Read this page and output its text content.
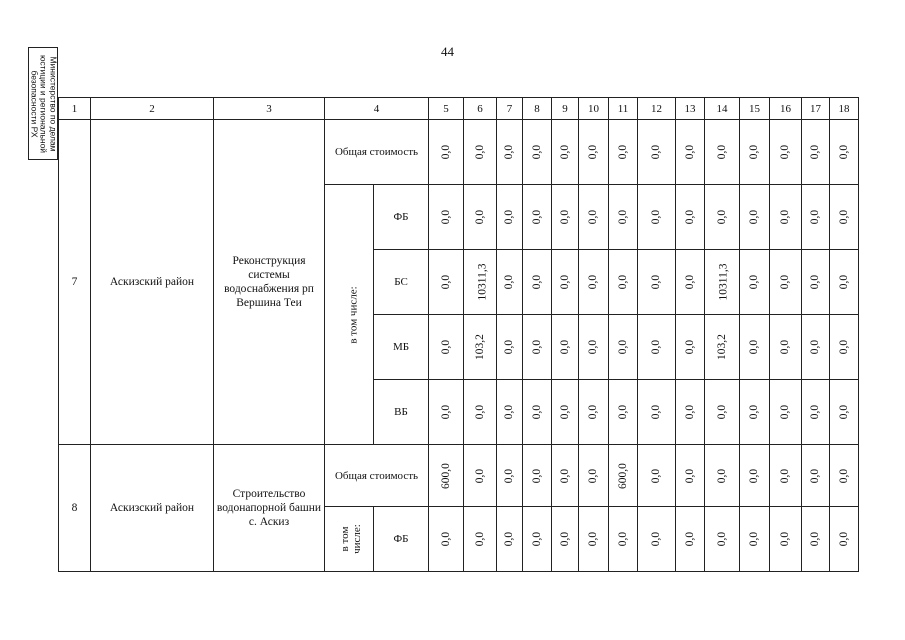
44
Министерство по делам юстиции и региональной безопасности РХ	1	2	3	4		5	6	7	8	9	10	11	12	13	14	15	16	17	18
7	Аскизский район	Реконструкция системы водоснабжения рп Вершина Теи	Общая стоимость		0,0	0,0	0,0	0,0	0,0	0,0	0,0	0,0	0,0	0,0	0,0	0,0	0,0	0,0
			в том числе:	ФБ	0,0	0,0	0,0	0,0	0,0	0,0	0,0	0,0	0,0	0,0	0,0	0,0	0,0	0,0
				БС	0,0	10311,3	0,0	0,0	0,0	0,0	0,0	0,0	0,0	10311,3	0,0	0,0	0,0	0,0
				МБ	0,0	103,2	0,0	0,0	0,0	0,0	0,0	0,0	0,0	103,2	0,0	0,0	0,0	0,0
				ВБ	0,0	0,0	0,0	0,0	0,0	0,0	0,0	0,0	0,0	0,0	0,0	0,0	0,0	0,0
8	Аскизский район	Строительство водонапорной башни с. Аскиз	Общая стоимость		600,0	0,0	0,0	0,0	0,0	0,0	600,0	0,0	0,0	0,0	0,0	0,0	0,0	0,0
			в том числе:	ФБ	0,0	0,0	0,0	0,0	0,0	0,0	0,0	0,0	0,0	0,0	0,0	0,0	0,0	0,0
